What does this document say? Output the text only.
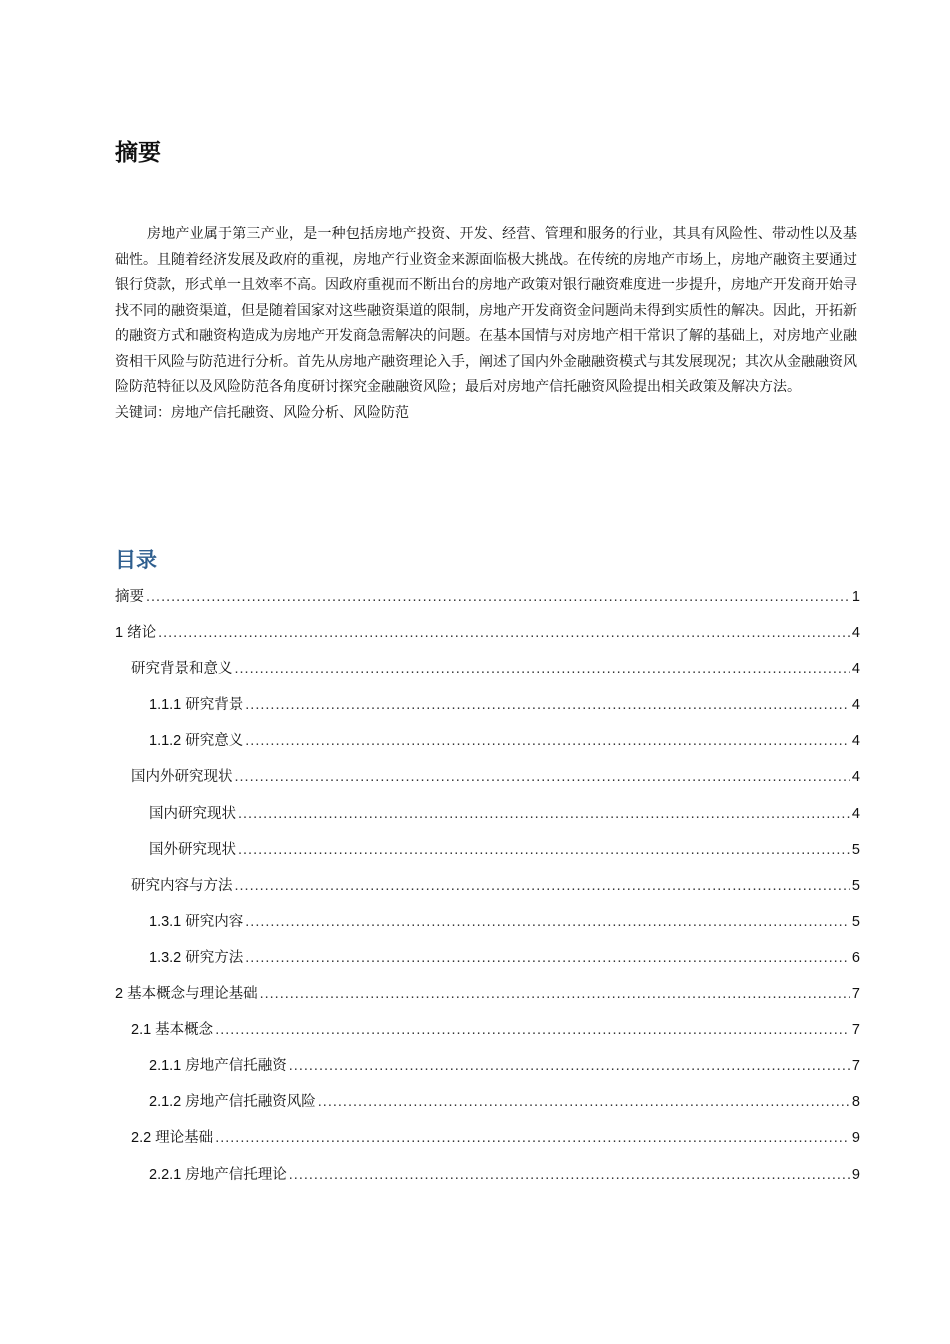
摘要

房地产业属于第三产业，是一种包括房地产投资、开发、经营、管理和服务的行业，其具有风险性、带动性以及基础性。且随着经济发展及政府的重视，房地产行业资金来源面临极大挑战。在传统的房地产市场上，房地产融资主要通过银行贷款，形式单一且效率不高。因政府重视而不断出台的房地产政策对银行融资难度进一步提升，房地产开发商开始寻找不同的融资渠道，但是随着国家对这些融资渠道的限制，房地产开发商资金问题尚未得到实质性的解决。因此，开拓新的融资方式和融资构造成为房地产开发商急需解决的问题。在基本国情与对房地产相干常识了解的基础上，对房地产业融资相干风险与防范进行分析。首先从房地产融资理论入手，阐述了国内外金融融资模式与其发展现况；其次从金融融资风险防范特征以及风险防范各角度研讨探究金融融资风险；最后对房地产信托融资风险提出相关政策及解决方法。

关键词：房地产信托融资、风险分析、风险防范

目录
摘要 .....	1
1 绪论 .....	4
研究背景和意义 .....	4
1.1.1 研究背景 .....	4
1.1.2 研究意义 .....	4
国内外研究现状 .....	4
国内研究现状 .....	4
国外研究现状 .....	5
研究内容与方法 .....	5
1.3.1 研究内容 .....	5
1.3.2 研究方法 .....	6
2 基本概念与理论基础 .....	7
2.1 基本概念 .....	7
2.1.1 房地产信托融资 .....	7
2.1.2 房地产信托融资风险 .....	8
2.2 理论基础 .....	9
2.2.1 房地产信托理论 .....	9
